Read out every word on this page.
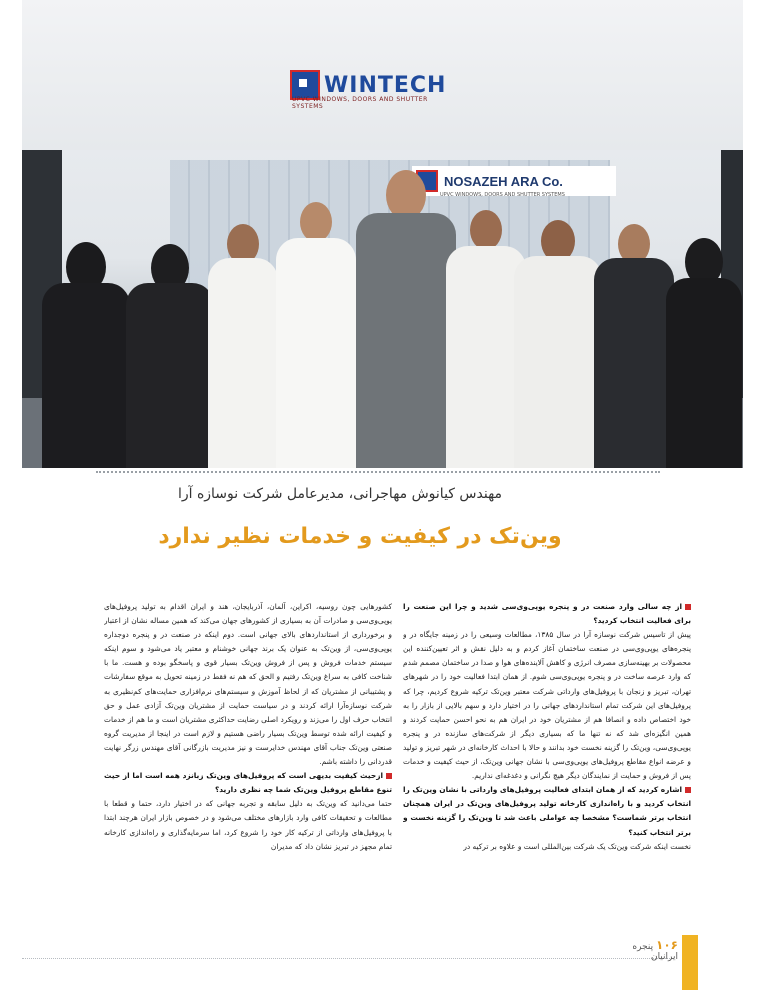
WINTECH
UPVC WINDOWS, DOORS AND SHUTTER SYSTEMS
NOSAZEH ARA Co.
UPVC WINDOWS, DOORS AND SHUTTER SYSTEMS
مهندس کیانوش مهاجرانی، مدیرعامل شرکت نوسازه آرا
وین‌تک در کیفیت و خدمات نظیر ندارد

از چه سالی وارد صنعت در و پنجره یوپی‌وی‌سی شدید و چرا این صنعت را برای فعالیت انتخاب کردید؟

پیش از تاسیس شرکت نوسازه آرا در سال ۱۳۸۵، مطالعات وسیعی را در زمینه جایگاه در و پنجره‌های یوپی‌وی‌سی در صنعت ساختمان آغاز کردم و به دلیل نقش و اثر تعیین‌کننده این محصولات بر بهینه‌سازی مصرف انرژی و کاهش آلاینده‌های هوا و صدا در ساختمان مصمم شدم که وارد عرصه ساخت در و پنجره یوپی‌وی‌سی شوم. از همان ابتدا فعالیت خود را در شهرهای تهران، تبریز و زنجان با پروفیل‌های وارداتی شرکت معتبر وین‌تک ترکیه شروع کردیم، چرا که پروفیل‌های این شرکت تمام استانداردهای جهانی را در اختیار دارد و سهم بالایی از بازار را به خود اختصاص داده و انصافا هم از مشتریان خود در ایران هم به نحو احسن حمایت کردند و همین انگیزه‌ای شد که نه تنها ما که بسیاری دیگر از شرکت‌های سازنده در و پنجره یوپی‌وی‌سی، وین‌تک را گزینه نخست خود بدانند و حالا با احداث کارخانه‌ای در شهر تبریز و تولید و عرضه انواع مقاطع پروفیل‌های یوپی‌وی‌سی با نشان جهانی وین‌تک، از حیث کیفیت و خدمات پس از فروش و حمایت از نمایندگان دیگر هیچ نگرانی و دغدغه‌ای نداریم.

اشاره کردید که از همان ابتدای فعالیت پروفیل‌های وارداتی با نشان وین‌تک را انتخاب کردید و با راه‌اندازی کارخانه تولید پروفیل‌های وین‌تک در ایران همچنان انتخاب برتر شماست؟ مشخصا چه عواملی باعث شد تا وین‌تک را گزینه نخست و برتر انتخاب کنید؟

نخست اینکه شرکت وین‌تک یک شرکت بین‌المللی است و علاوه بر ترکیه در

کشورهایی چون روسیه، اکراین، آلمان، آذربایجان، هند و ایران اقدام به تولید پروفیل‌های یوپی‌وی‌سی و صادرات آن به بسیاری از کشورهای جهان می‌کند که همین مساله نشان از اعتبار و برخورداری از استانداردهای بالای جهانی است. دوم اینکه در صنعت در و پنجره دوجداره یوپی‌وی‌سی، از وین‌تک به عنوان یک برند جهانی خوشنام و معتبر یاد می‌شود و سوم اینکه سیستم خدمات فروش و پس از فروش وین‌تک بسیار قوی و پاسخگو بوده و هست. ما با شناخت کافی به سراغ وین‌تک رفتیم و الحق که هم نه فقط در زمینه تحویل به موقع سفارشات و پشتیبانی از مشتریان که از لحاظ آموزش و سیستم‌های نرم‌افزاری حمایت‌های کم‌نظیری به شرکت نوسازه‌آرا ارائه کردند و در سیاست حمایت از مشتریان وین‌تک آزادی عمل و حق انتخاب حرف اول را می‌زند و رویکرد اصلی رضایت حداکثری مشتریان است و ما هم از خدمات و کیفیت ارائه شده توسط وین‌تک بسیار راضی هستیم و لازم است در اینجا از مدیریت گروه صنعتی وین‌تک جناب آقای مهندس خدایرست و نیز مدیریت بازرگانی آقای مهندس زرگر نهایت قدردانی را داشته باشم.

ازحیث کیفیت بدیهی است که پروفیل‌های وین‌تک زبانزد همه است اما از حیث تنوع مقاطع پروفیل وین‌تک شما چه نظری دارید؟

حتما می‌دانید که وین‌تک به دلیل سابقه و تجربه جهانی که در اختیار دارد، حتما و قطعا با مطالعات و تحقیقات کافی وارد بازارهای مختلف می‌شود و در خصوص بازار ایران هرچند ابتدا با پروفیل‌های وارداتی از ترکیه کار خود را شروع کرد، اما سرمایه‌گذاری و راه‌اندازی کارخانه تمام مجهز در تبریز نشان داد که مدیران

۱۰۶ پنجره ایرانیان
